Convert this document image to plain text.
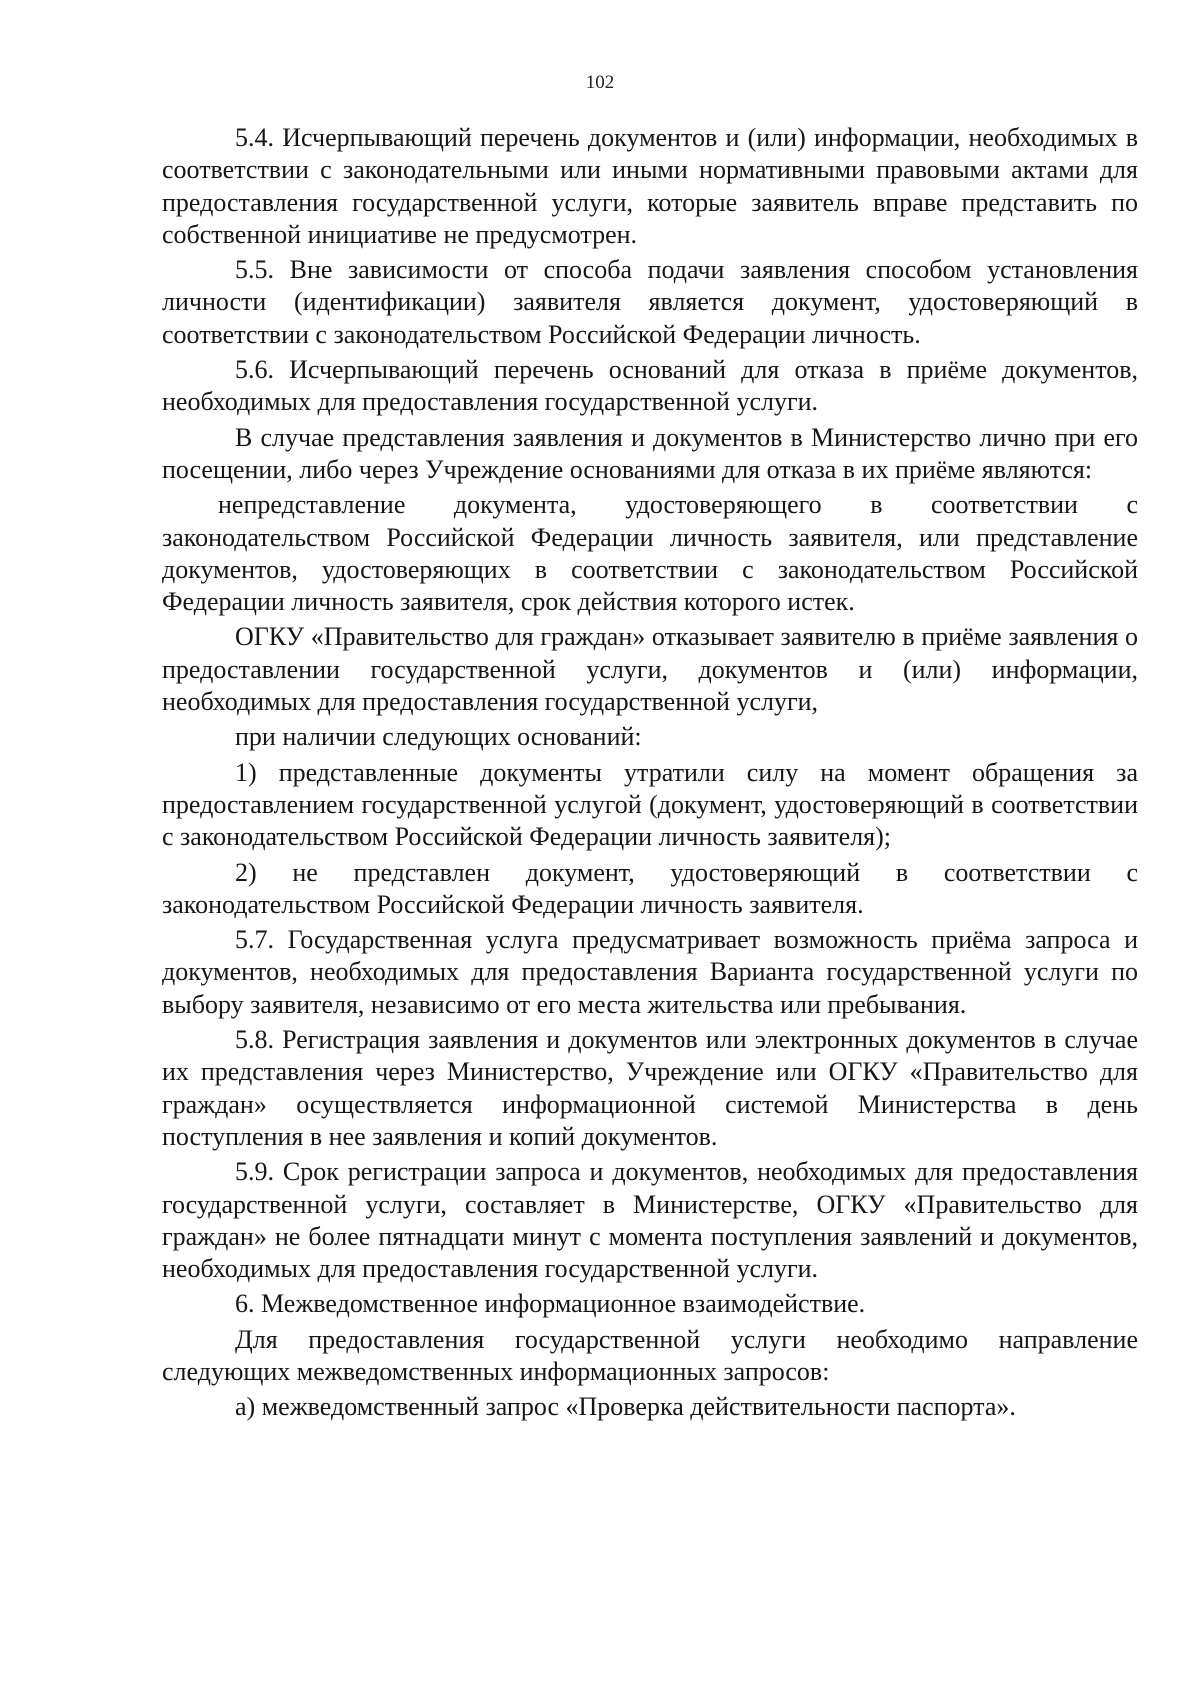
102

5.4. Исчерпывающий перечень документов и (или) информации, необходимых в соответствии с законодательными или иными нормативными правовыми актами для предоставления государственной услуги, которые заявитель вправе представить по собственной инициативе не предусмотрен.

5.5. Вне зависимости от способа подачи заявления способом установления личности (идентификации) заявителя является документ, удостоверяющий в соответствии с законодательством Российской Федерации личность.

5.6. Исчерпывающий перечень оснований для отказа в приёме документов, необходимых для предоставления государственной услуги.

В случае представления заявления и документов в Министерство лично при его посещении, либо через Учреждение основаниями для отказа в их приёме являются:

непредставление документа, удостоверяющего в соответствии с законодательством Российской Федерации личность заявителя, или представление документов, удостоверяющих в соответствии с законодательством Российской Федерации личность заявителя, срок действия которого истек.

ОГКУ «Правительство для граждан» отказывает заявителю в приёме заявления о предоставлении государственной услуги, документов и (или) информации, необходимых для предоставления государственной услуги,

при наличии следующих оснований:

1) представленные документы утратили силу на момент обращения за предоставлением государственной услугой (документ, удостоверяющий в соответствии с законодательством Российской Федерации личность заявителя);

2) не представлен документ, удостоверяющий в соответствии с законодательством Российской Федерации личность заявителя.

5.7. Государственная услуга предусматривает возможность приёма запроса и документов, необходимых для предоставления Варианта государственной услуги по выбору заявителя, независимо от его места жительства или пребывания.

5.8. Регистрация заявления и документов или электронных документов в случае их представления через Министерство, Учреждение или ОГКУ «Правительство для граждан» осуществляется информационной системой Министерства в день поступления в нее заявления и копий документов.

5.9. Срок регистрации запроса и документов, необходимых для предоставления государственной услуги, составляет в Министерстве, ОГКУ «Правительство для граждан» не более пятнадцати минут с момента поступления заявлений и документов, необходимых для предоставления государственной услуги.

6. Межведомственное информационное взаимодействие.

Для предоставления государственной услуги необходимо направление следующих межведомственных информационных запросов:

а) межведомственный запрос «Проверка действительности паспорта».
